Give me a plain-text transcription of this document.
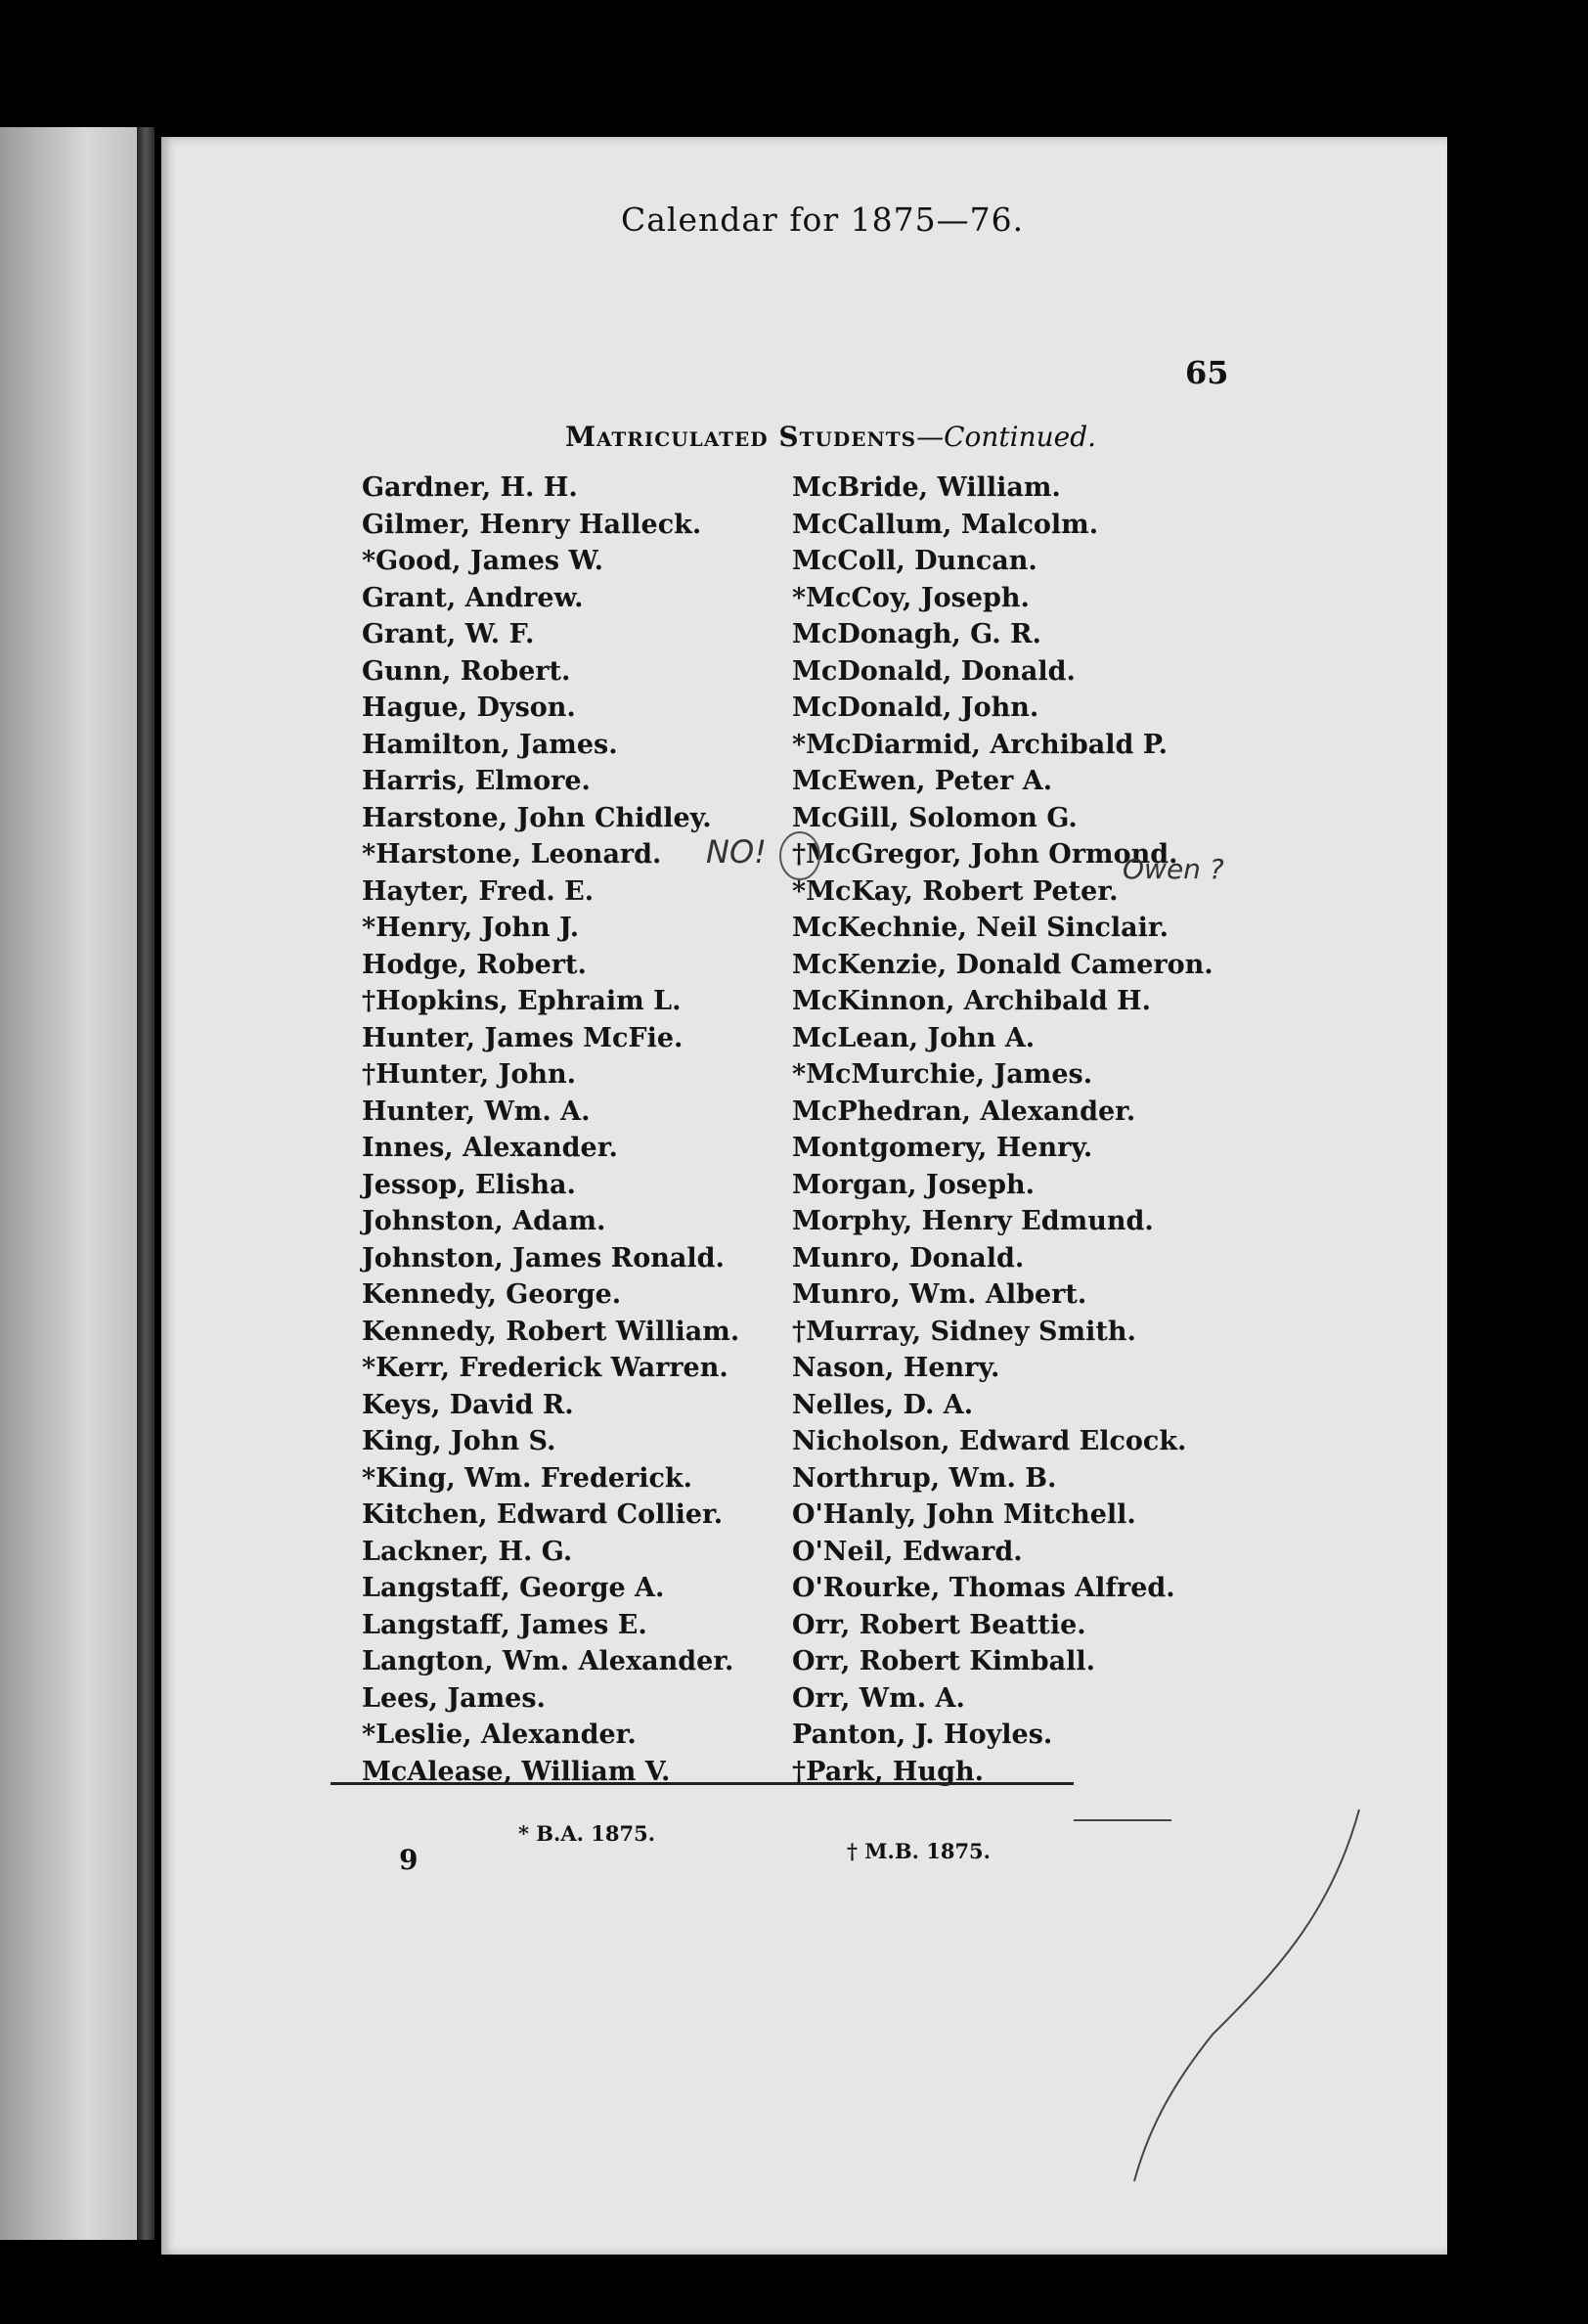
Calendar for 1875—76.
65
Matriculated Students—Continued.
Gardner, H. H.
Gilmer, Henry Halleck.
*Good, James W.
Grant, Andrew.
Grant, W. F.
Gunn, Robert.
Hague, Dyson.
Hamilton, James.
Harris, Elmore.
Harstone, John Chidley.
*Harstone, Leonard.
Hayter, Fred. E.
*Henry, John J.
Hodge, Robert.
†Hopkins, Ephraim L.
Hunter, James McFie.
†Hunter, John.
Hunter, Wm. A.
Innes, Alexander.
Jessop, Elisha.
Johnston, Adam.
Johnston, James Ronald.
Kennedy, George.
Kennedy, Robert William.
*Kerr, Frederick Warren.
Keys, David R.
King, John S.
*King, Wm. Frederick.
Kitchen, Edward Collier.
Lackner, H. G.
Langstaff, George A.
Langstaff, James E.
Langton, Wm. Alexander.
Lees, James.
*Leslie, Alexander.
McAlease, William V.
McBride, William.
McCallum, Malcolm.
McColl, Duncan.
*McCoy, Joseph.
McDonagh, G. R.
McDonald, Donald.
McDonald, John.
*McDiarmid, Archibald P.
McEwen, Peter A.
McGill, Solomon G.
†McGregor, John Ormond.
*McKay, Robert Peter.
McKechnie, Neil Sinclair.
McKenzie, Donald Cameron.
McKinnon, Archibald H.
McLean, John A.
*McMurchie, James.
McPhedran, Alexander.
Montgomery, Henry.
Morgan, Joseph.
Morphy, Henry Edmund.
Munro, Donald.
Munro, Wm. Albert.
†Murray, Sidney Smith.
Nason, Henry.
Nelles, D. A.
Nicholson, Edward Elcock.
Northrup, Wm. B.
O'Hanly, John Mitchell.
O'Neil, Edward.
O'Rourke, Thomas Alfred.
Orr, Robert Beattie.
Orr, Robert Kimball.
Orr, Wm. A.
Panton, J. Hoyles.
†Park, Hugh.
NO!	Owen ?
* B.A. 1875.
† M.B. 1875.
9
